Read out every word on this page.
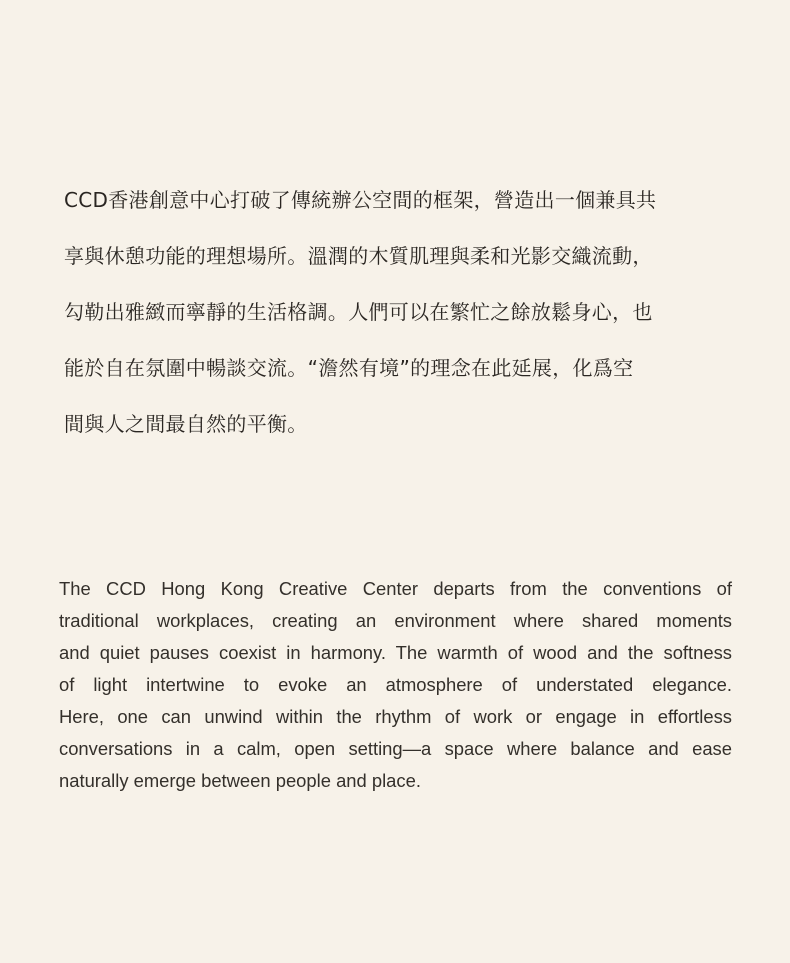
CCD香港創意中心打破了傳統辦公空間的框架，營造出一個兼具共
享與休憩功能的理想場所。溫潤的木質肌理與柔和光影交織流動，
勾勒出雅緻而寧靜的生活格調。人們可以在繁忙之餘放鬆身心，也
能於自在氛圍中暢談交流。“澹然有境”的理念在此延展，化爲空
間與人之間最自然的平衡。
The CCD Hong Kong Creative Center departs from the conventions of
traditional workplaces, creating an environment where shared moments
and quiet pauses coexist in harmony. The warmth of wood and the softness
of light intertwine to evoke an atmosphere of understated elegance.
Here, one can unwind within the rhythm of work or engage in effortless
conversations in a calm, open setting—a space where balance and ease
naturally emerge between people and place.
